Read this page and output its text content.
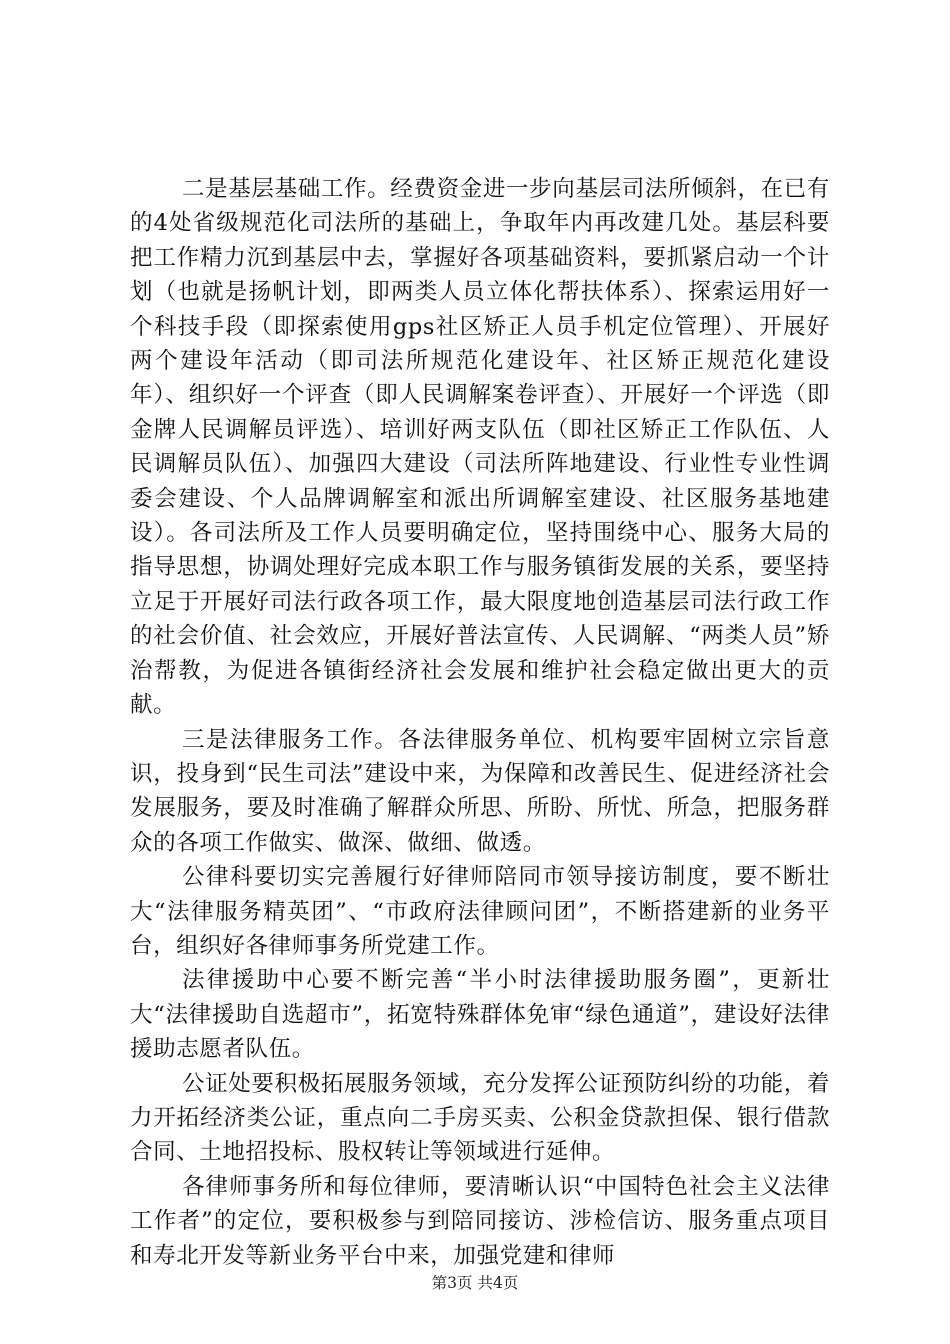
二是基层基础工作。经费资金进一步向基层司法所倾斜，在已有的4处省级规范化司法所的基础上，争取年内再改建几处。基层科要把工作精力沉到基层中去，掌握好各项基础资料，要抓紧启动一个计划（也就是扬帆计划，即两类人员立体化帮扶体系）、探索运用好一个科技手段（即探索使用gps社区矫正人员手机定位管理）、开展好两个建设年活动（即司法所规范化建设年、社区矫正规范化建设年）、组织好一个评查（即人民调解案卷评查）、开展好一个评选（即金牌人民调解员评选）、培训好两支队伍（即社区矫正工作队伍、人民调解员队伍）、加强四大建设（司法所阵地建设、行业性专业性调委会建设、个人品牌调解室和派出所调解室建设、社区服务基地建设）。各司法所及工作人员要明确定位，坚持围绕中心、服务大局的指导思想，协调处理好完成本职工作与服务镇街发展的关系，要坚持立足于开展好司法行政各项工作，最大限度地创造基层司法行政工作的社会价值、社会效应，开展好普法宣传、人民调解、“两类人员”矫治帮教，为促进各镇街经济社会发展和维护社会稳定做出更大的贡献。

三是法律服务工作。各法律服务单位、机构要牢固树立宗旨意识，投身到“民生司法”建设中来，为保障和改善民生、促进经济社会发展服务，要及时准确了解群众所思、所盼、所忧、所急，把服务群众的各项工作做实、做深、做细、做透。

公律科要切实完善履行好律师陪同市领导接访制度，要不断壮大“法律服务精英团”、“市政府法律顾问团”，不断搭建新的业务平台，组织好各律师事务所党建工作。

法律援助中心要不断完善“半小时法律援助服务圈”，更新壮大“法律援助自选超市”，拓宽特殊群体免审“绿色通道”，建设好法律援助志愿者队伍。

公证处要积极拓展服务领域，充分发挥公证预防纠纷的功能，着力开拓经济类公证，重点向二手房买卖、公积金贷款担保、银行借款合同、土地招投标、股权转让等领域进行延伸。

各律师事务所和每位律师，要清晰认识“中国特色社会主义法律工作者”的定位，要积极参与到陪同接访、涉检信访、服务重点项目和寿北开发等新业务平台中来，加强党建和律师

第3页 共4页
